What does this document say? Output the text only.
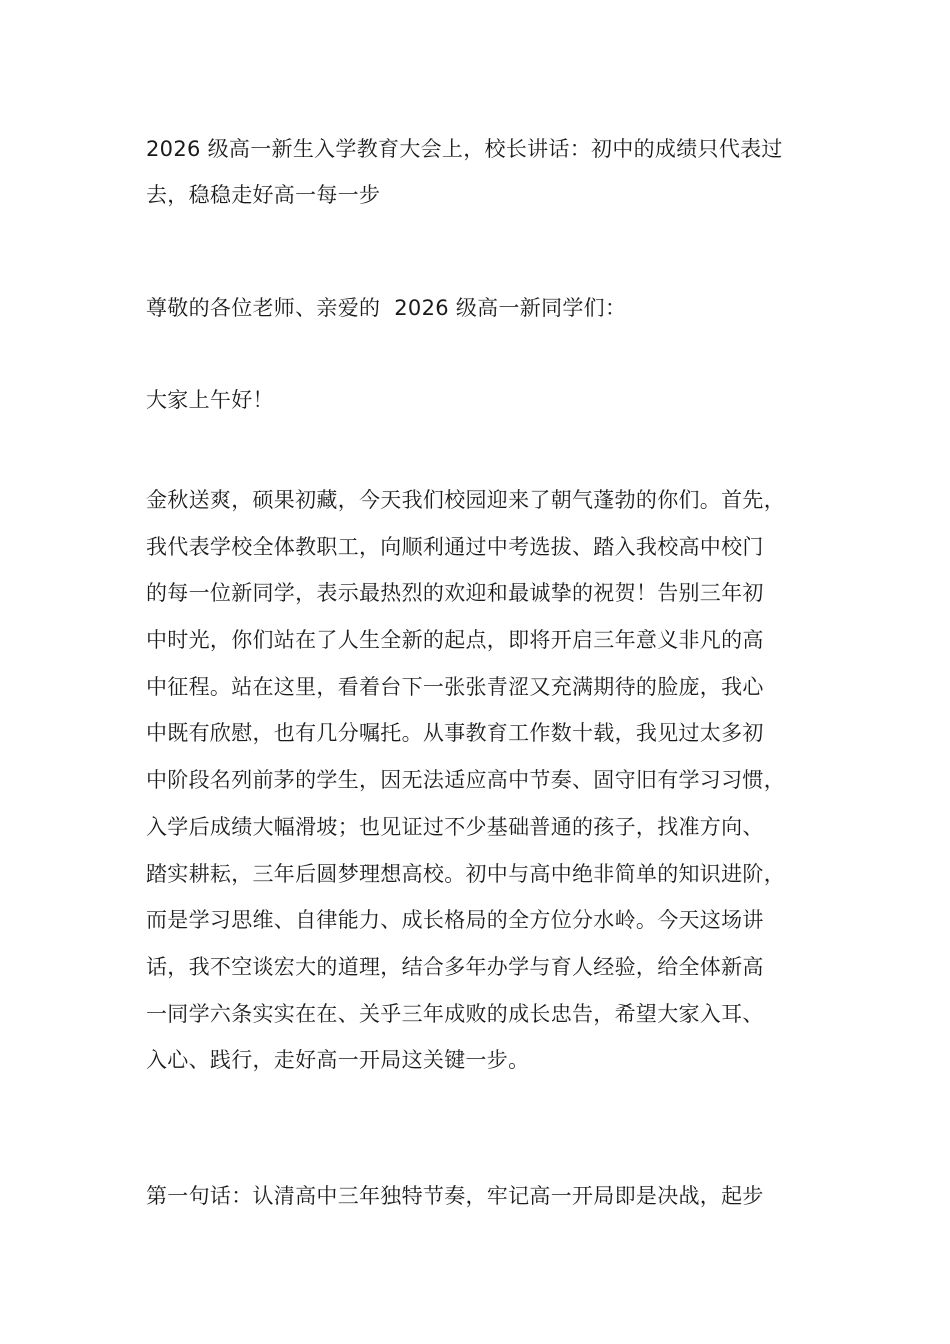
2026 级高一新生入学教育大会上，校长讲话：初中的成绩只代表过
去，稳稳走好高一每一步
尊敬的各位老师、亲爱的  2026 级高一新同学们：
大家上午好！
金秋送爽，硕果初藏，今天我们校园迎来了朝气蓬勃的你们。首先，
我代表学校全体教职工，向顺利通过中考选拔、踏入我校高中校门
的每一位新同学，表示最热烈的欢迎和最诚挚的祝贺！告别三年初
中时光，你们站在了人生全新的起点，即将开启三年意义非凡的高
中征程。站在这里，看着台下一张张青涩又充满期待的脸庞，我心
中既有欣慰，也有几分嘱托。从事教育工作数十载，我见过太多初
中阶段名列前茅的学生，因无法适应高中节奏、固守旧有学习习惯，
入学后成绩大幅滑坡；也见证过不少基础普通的孩子，找准方向、
踏实耕耘，三年后圆梦理想高校。初中与高中绝非简单的知识进阶，
而是学习思维、自律能力、成长格局的全方位分水岭。今天这场讲
话，我不空谈宏大的道理，结合多年办学与育人经验，给全体新高
一同学六条实实在在、关乎三年成败的成长忠告，希望大家入耳、
入心、践行，走好高一开局这关键一步。
第一句话：认清高中三年独特节奏，牢记高一开局即是决战，起步
